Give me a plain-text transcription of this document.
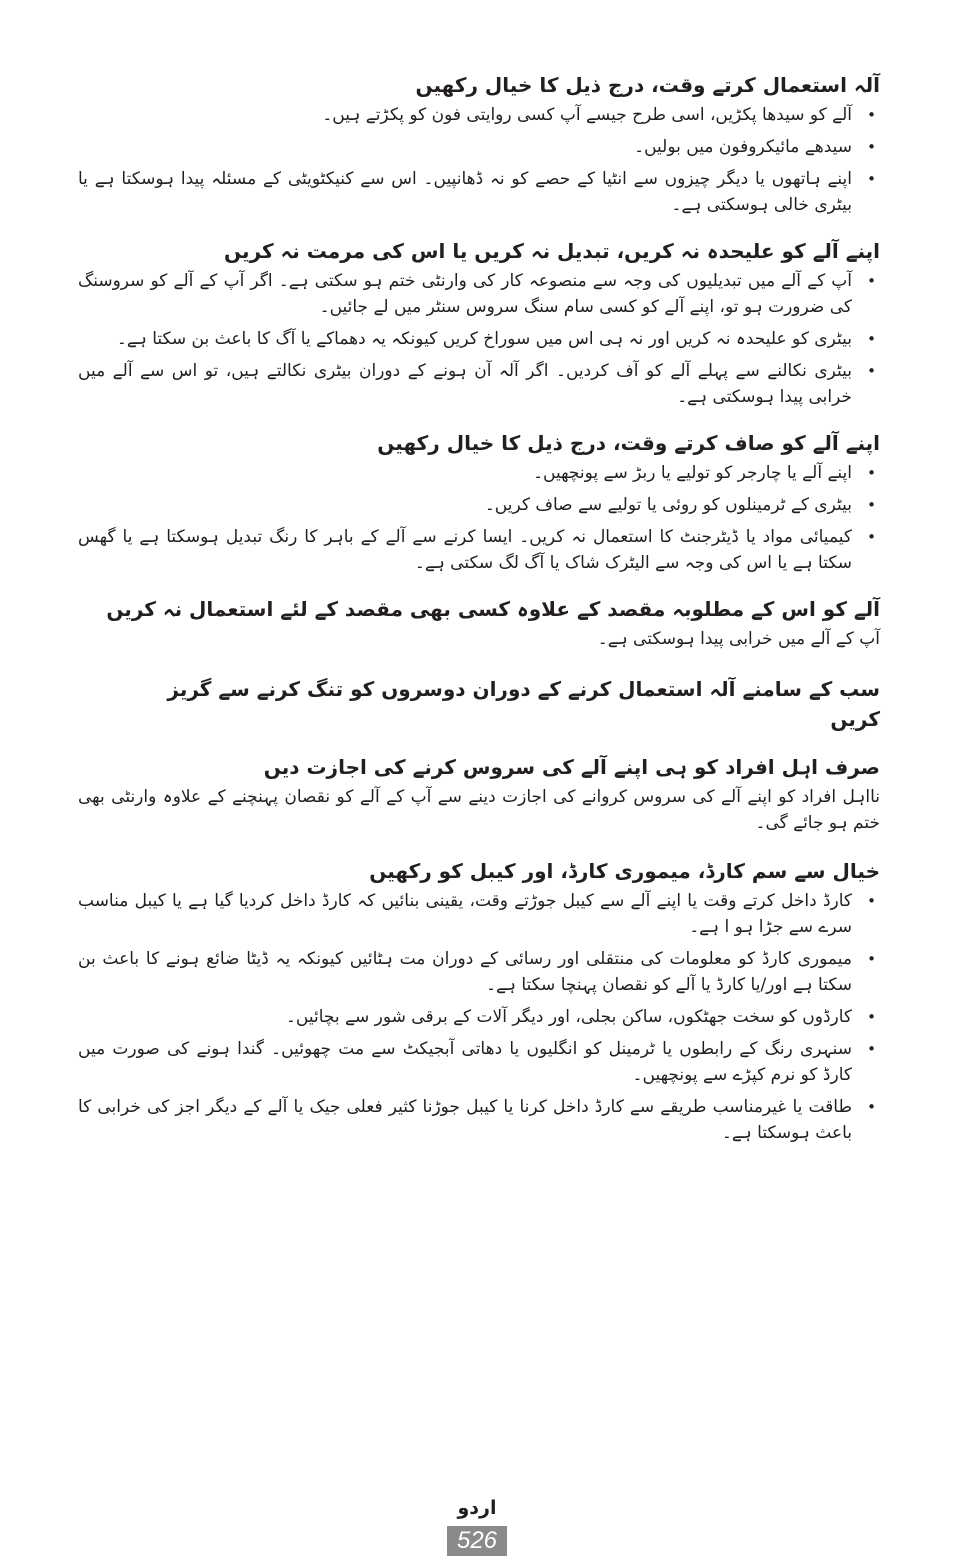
آلہ استعمال کرتے وقت، درج ذیل کا خیال رکھیں
•
آلے کو سیدھا پکڑیں، اسی طرح جیسے آپ کسی روایتی فون کو پکڑتے ہیں۔
•
سیدھے مائیکروفون میں بولیں۔
•
اپنے ہاتھوں یا دیگر چیزوں سے انٹیا کے حصے کو نہ ڈھانپیں۔ اس سے کنیکٹویٹی کے مسئلہ پیدا ہوسکتا ہے یا بیٹری خالی ہوسکتی ہے۔
اپنے آلے کو علیحدہ نہ کریں، تبدیل نہ کریں یا اس کی مرمت نہ کریں
•
آپ کے آلے میں تبدیلیوں کی وجہ سے منصوعہ کار کی وارنٹی ختم ہو سکتی ہے۔ اگر آپ کے آلے کو سروسنگ کی ضرورت ہو تو، اپنے آلے کو کسی سام سنگ سروس سنٹر میں لے جائیں۔
•
بیٹری کو علیحدہ نہ کریں اور نہ ہی اس میں سوراخ کریں کیونکہ یہ دھماکے یا آگ کا باعث بن سکتا ہے۔
•
بیٹری نکالنے سے پہلے آلے کو آف کردیں۔ اگر آلہ آن ہونے کے دوران بیٹری نکالتے ہیں، تو اس سے آلے میں خرابی پیدا ہوسکتی ہے۔
اپنے آلے کو صاف کرتے وقت، درج ذیل کا خیال رکھیں
•
اپنے آلے یا چارجر کو تولیے یا ربڑ سے پونچھیں۔
•
بیٹری کے ٹرمینلوں کو روئی یا تولیے سے صاف کریں۔
•
کیمیائی مواد یا ڈیٹرجنٹ کا استعمال نہ کریں۔ ایسا کرنے سے آلے کے باہر کا رنگ تبدیل ہوسکتا ہے یا گھس سکتا ہے یا اس کی وجہ سے الیٹرک شاک یا آگ لگ سکتی ہے۔
آلے کو اس کے مطلوبہ مقصد کے علاوہ کسی بھی مقصد کے لئے استعمال نہ کریں

آپ کے آلے میں خرابی پیدا ہوسکتی ہے۔

سب کے سامنے آلہ استعمال کرنے کے دوران دوسروں کو تنگ کرنے سے گریز کریں
صرف اہل افراد کو ہی اپنے آلے کی سروس کرنے کی اجازت دیں

نااہل افراد کو اپنے آلے کی سروس کروانے کی اجازت دینے سے آپ کے آلے کو نقصان پہنچنے کے علاوہ وارنٹی بھی ختم ہو جائے گی۔

خیال سے سم کارڈ، میموری کارڈ، اور کیبل کو رکھیں
•
کارڈ داخل کرتے وقت یا اپنے آلے سے کیبل جوڑتے وقت، یقینی بنائیں کہ کارڈ داخل کردیا گیا ہے یا کیبل مناسب سرے سے جڑا ہو ا ہے۔
•
میموری کارڈ کو معلومات کی منتقلی اور رسائی کے دوران مت ہٹائیں کیونکہ یہ ڈیٹا ضائع ہونے کا باعث بن سکتا ہے اور/یا کارڈ یا آلے کو نقصان پہنچا سکتا ہے۔
•
کارڈوں کو سخت جھٹکوں، ساکن بجلی، اور دیگر آلات کے برقی شور سے بچائیں۔
•
سنہری رنگ کے رابطوں یا ٹرمینل کو انگلیوں یا دھاتی آبجیکٹ سے مت چھوئیں۔ گندا ہونے کی صورت میں کارڈ کو نرم کپڑے سے پونچھیں۔
•
طاقت یا غیرمناسب طریقے سے کارڈ داخل کرنا یا کیبل جوڑنا کثیر فعلی جیک یا آلے کے دیگر اجز کی خرابی کا باعث ہوسکتا ہے۔
اردو
526
